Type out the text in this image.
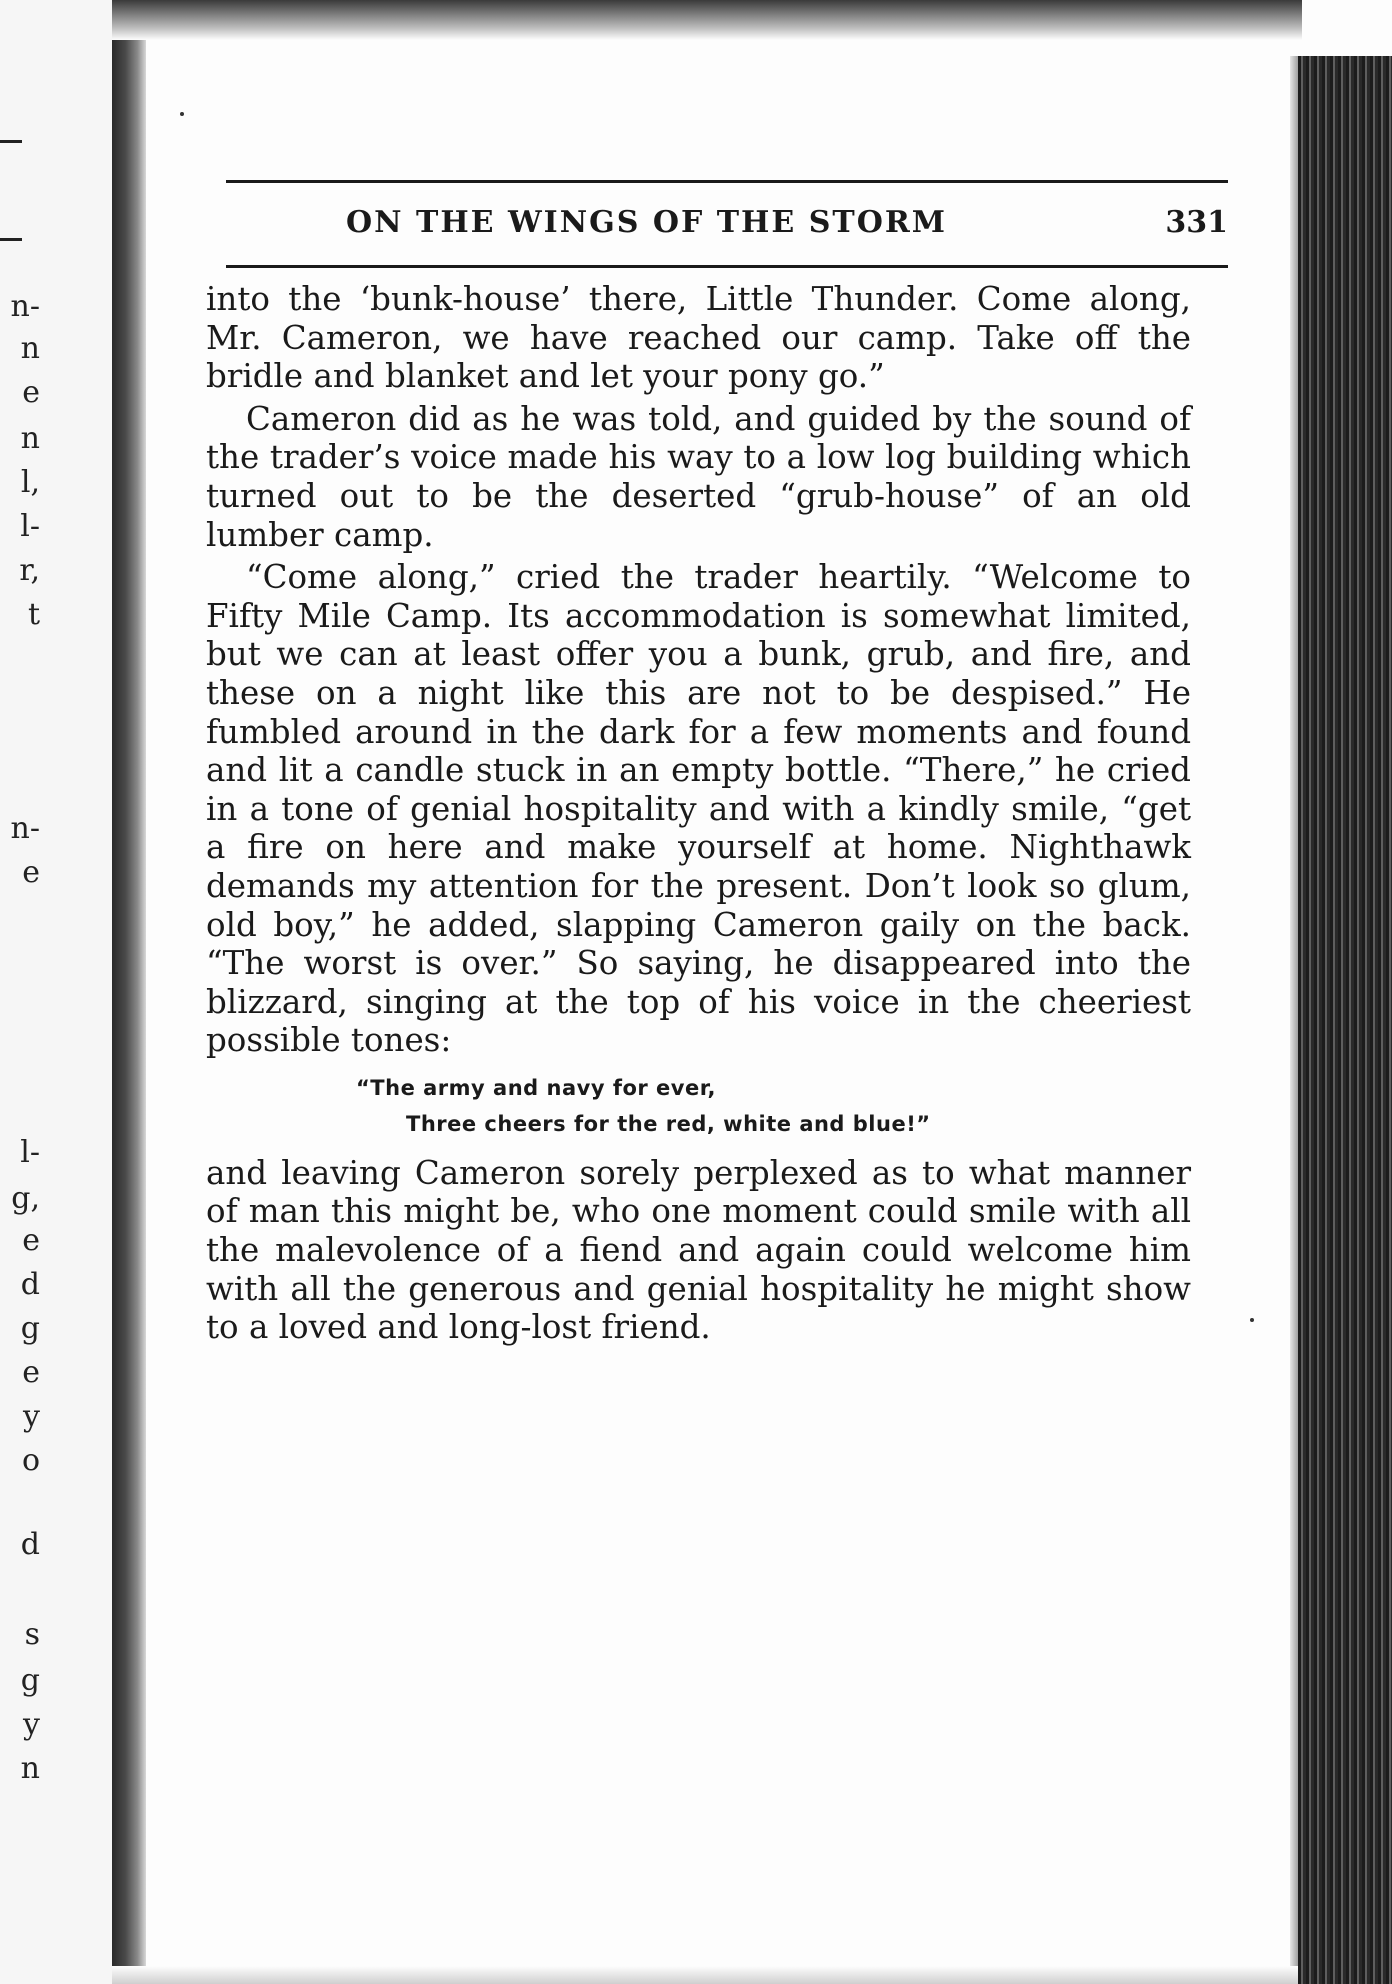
n-
n
e
n
l,
l-
r,
t
n-
e
l-
g,
e
d
g
e
y
o
d
s
g
y
n
ON THE WINGS OF THE STORM	331

into the ‘bunk-house’ there, Little Thunder. Come along, Mr. Cameron, we have reached our camp. Take off the bridle and blanket and let your pony go.”

Cameron did as he was told, and guided by the sound of the trader’s voice made his way to a low log building which turned out to be the deserted “grub-house” of an old lumber camp.

“Come along,” cried the trader heartily. “Welcome to Fifty Mile Camp. Its accommodation is somewhat limited, but we can at least offer you a bunk, grub, and fire, and these on a night like this are not to be despised.” He fumbled around in the dark for a few moments and found and lit a candle stuck in an empty bottle. “There,” he cried in a tone of genial hospitality and with a kindly smile, “get a fire on here and make yourself at home. Nighthawk demands my attention for the present. Don’t look so glum, old boy,” he added, slapping Cameron gaily on the back. “The worst is over.” So saying, he disappeared into the blizzard, singing at the top of his voice in the cheeriest possible tones:

“The army and navy for ever,
Three cheers for the red, white and blue!”

and leaving Cameron sorely perplexed as to what manner of man this might be, who one moment could smile with all the malevolence of a fiend and again could welcome him with all the generous and genial hospitality he might show to a loved and long-lost friend.
